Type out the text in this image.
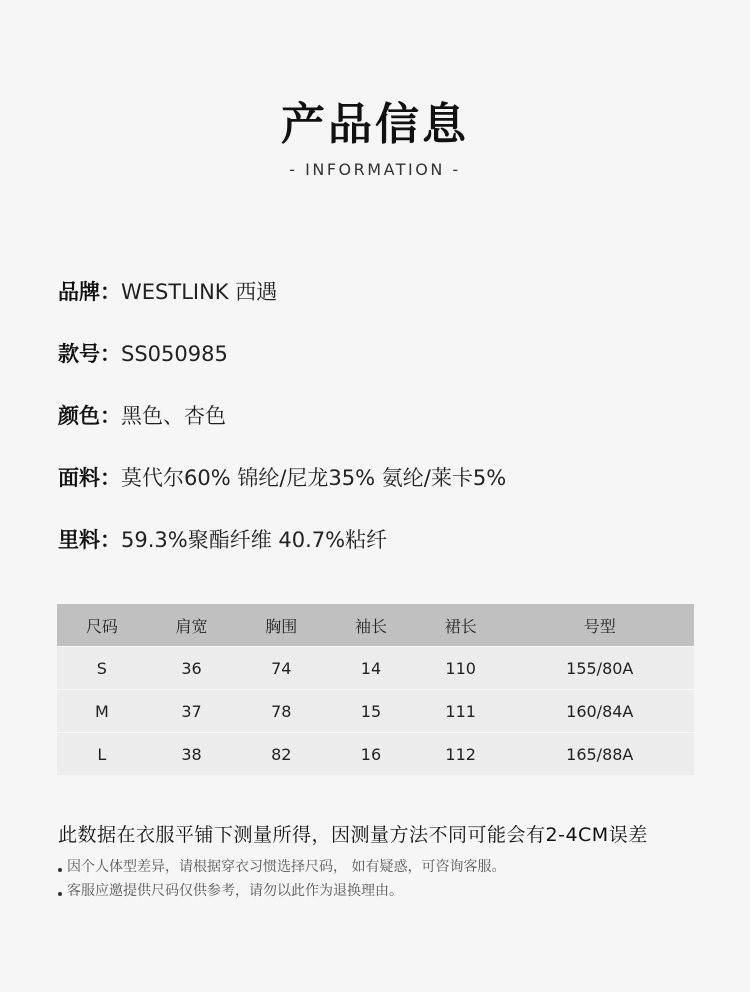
产品信息
- INFORMATION -
品牌： WESTLINK 西遇
款号： SS050985
颜色： 黑色、杏色
面料： 莫代尔60% 锦纶/尼龙35% 氨纶/莱卡5%
里料： 59.3%聚酯纤维 40.7%粘纤
尺码	肩宽	胸围	袖长	裙长	号型
S	36	74	14	110	155/80A
M	37	78	15	111	160/84A
L	38	82	16	112	165/88A
此数据在衣服平铺下测量所得，因测量方法不同可能会有2-4CM误差
因个人体型差异，请根据穿衣习惯选择尺码， 如有疑惑，可咨询客服。
客服应邀提供尺码仅供参考，请勿以此作为退换理由。
